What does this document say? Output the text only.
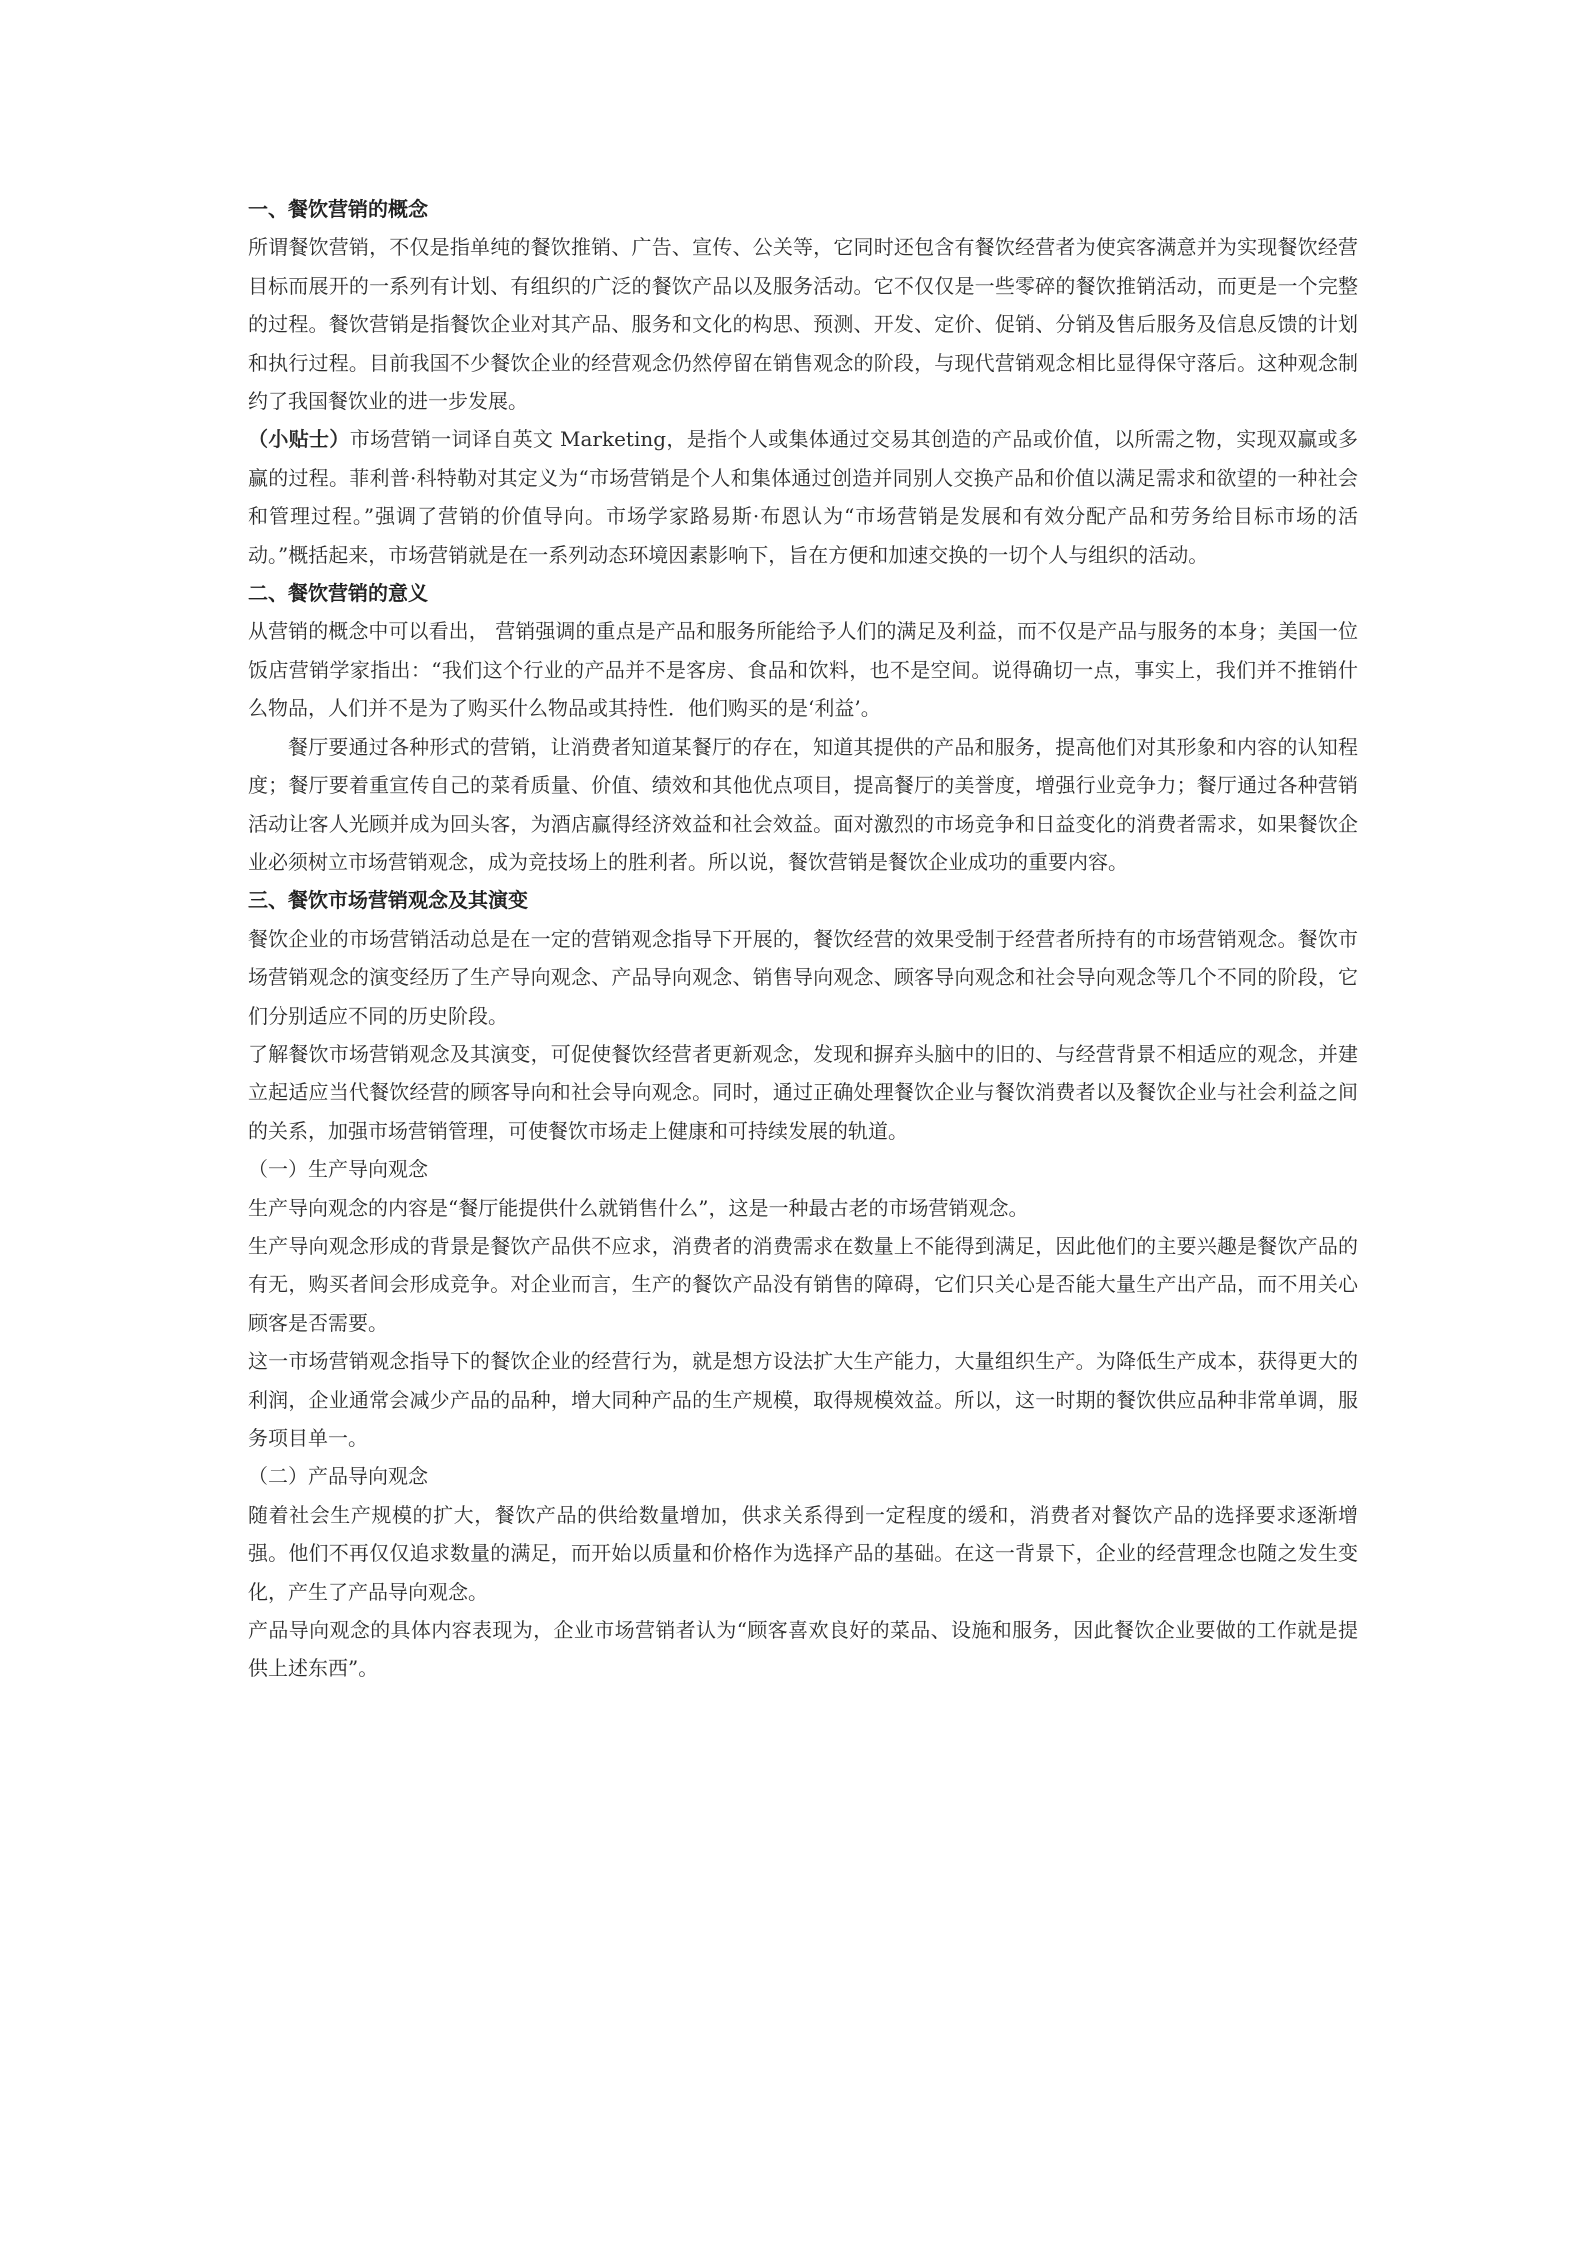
一、餐饮营销的概念

所谓餐饮营销，不仅是指单纯的餐饮推销、广告、宣传、公关等，它同时还包含有餐饮经营者为使宾客满意并为实现餐饮经营目标而展开的一系列有计划、有组织的广泛的餐饮产品以及服务活动。它不仅仅是一些零碎的餐饮推销活动，而更是一个完整的过程。餐饮营销是指餐饮企业对其产品、服务和文化的构思、预测、开发、定价、促销、分销及售后服务及信息反馈的计划和执行过程。目前我国不少餐饮企业的经营观念仍然停留在销售观念的阶段，与现代营销观念相比显得保守落后。这种观念制约了我国餐饮业的进一步发展。

（小贴士）市场营销一词译自英文 Marketing，是指个人或集体通过交易其创造的产品或价值，以所需之物，实现双赢或多赢的过程。菲利普·科特勒对其定义为“市场营销是个人和集体通过创造并同别人交换产品和价值以满足需求和欲望的一种社会和管理过程。”强调了营销的价值导向。市场学家路易斯·布恩认为“市场营销是发展和有效分配产品和劳务给目标市场的活动。”概括起来，市场营销就是在一系列动态环境因素影响下，旨在方便和加速交换的一切个人与组织的活动。

二、餐饮营销的意义

从营销的概念中可以看出， 营销强调的重点是产品和服务所能给予人们的满足及利益，而不仅是产品与服务的本身；美国一位饭店营销学家指出：“我们这个行业的产品并不是客房、食品和饮料，也不是空间。说得确切一点，事实上，我们并不推销什么物品，人们并不是为了购买什么物品或其持性．他们购买的是‘利益’。

餐厅要通过各种形式的营销，让消费者知道某餐厅的存在，知道其提供的产品和服务，提高他们对其形象和内容的认知程度；餐厅要着重宣传自己的菜肴质量、价值、绩效和其他优点项目，提高餐厅的美誉度，增强行业竞争力；餐厅通过各种营销活动让客人光顾并成为回头客，为酒店赢得经济效益和社会效益。面对激烈的市场竞争和日益变化的消费者需求，如果餐饮企业必须树立市场营销观念，成为竞技场上的胜利者。所以说，餐饮营销是餐饮企业成功的重要内容。

三、餐饮市场营销观念及其演变

餐饮企业的市场营销活动总是在一定的营销观念指导下开展的，餐饮经营的效果受制于经营者所持有的市场营销观念。餐饮市场营销观念的演变经历了生产导向观念、产品导向观念、销售导向观念、顾客导向观念和社会导向观念等几个不同的阶段，它们分别适应不同的历史阶段。

了解餐饮市场营销观念及其演变，可促使餐饮经营者更新观念，发现和摒弃头脑中的旧的、与经营背景不相适应的观念，并建立起适应当代餐饮经营的顾客导向和社会导向观念。同时，通过正确处理餐饮企业与餐饮消费者以及餐饮企业与社会利益之间的关系，加强市场营销管理，可使餐饮市场走上健康和可持续发展的轨道。

（一）生产导向观念

生产导向观念的内容是“餐厅能提供什么就销售什么”，这是一种最古老的市场营销观念。

生产导向观念形成的背景是餐饮产品供不应求，消费者的消费需求在数量上不能得到满足，因此他们的主要兴趣是餐饮产品的有无，购买者间会形成竞争。对企业而言，生产的餐饮产品没有销售的障碍，它们只关心是否能大量生产出产品，而不用关心顾客是否需要。

这一市场营销观念指导下的餐饮企业的经营行为，就是想方设法扩大生产能力，大量组织生产。为降低生产成本，获得更大的利润，企业通常会减少产品的品种，增大同种产品的生产规模，取得规模效益。所以，这一时期的餐饮供应品种非常单调，服务项目单一。

（二）产品导向观念

随着社会生产规模的扩大，餐饮产品的供给数量增加，供求关系得到一定程度的缓和，消费者对餐饮产品的选择要求逐渐增强。他们不再仅仅追求数量的满足，而开始以质量和价格作为选择产品的基础。在这一背景下，企业的经营理念也随之发生变化，产生了产品导向观念。

产品导向观念的具体内容表现为，企业市场营销者认为“顾客喜欢良好的菜品、设施和服务，因此餐饮企业要做的工作就是提供上述东西”。
